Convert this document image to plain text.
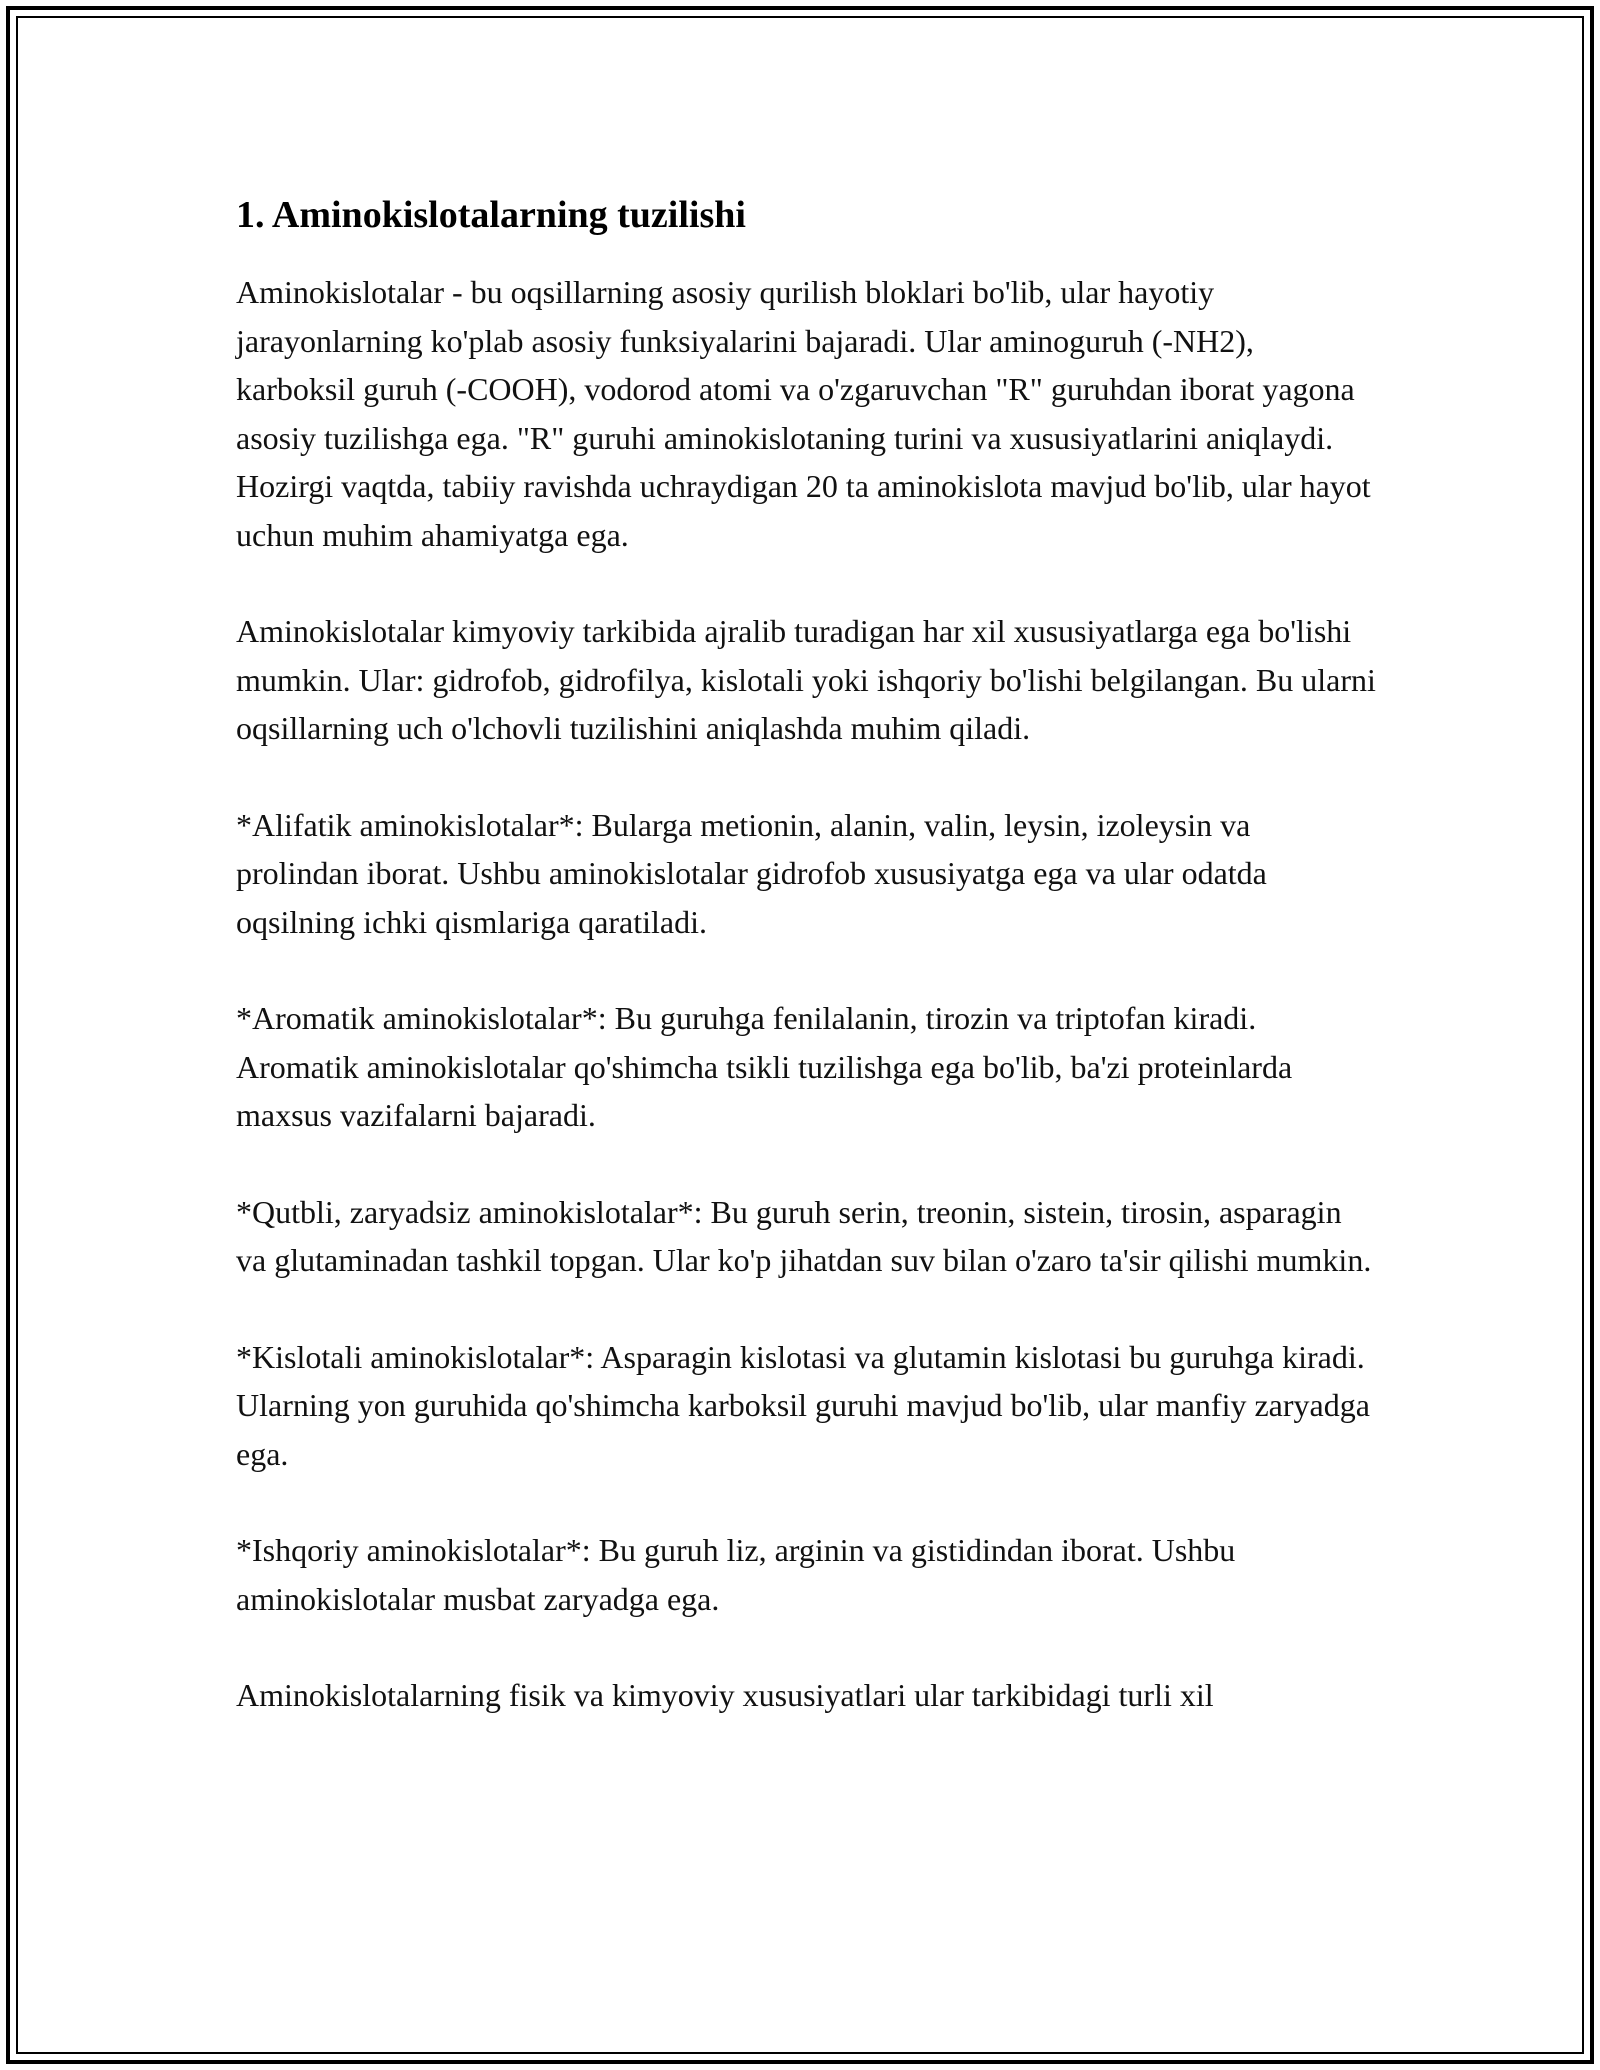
1. Aminokislotalarning tuzilishi

Aminokislotalar - bu oqsillarning asosiy qurilish bloklari bo'lib, ular hayotiy jarayonlarning ko'plab asosiy funksiyalarini bajaradi. Ular aminoguruh (-NH2), karboksil guruh (-COOH), vodorod atomi va o'zgaruvchan "R" guruhdan iborat yagona asosiy tuzilishga ega. "R" guruhi aminokislotaning turini va xususiyatlarini aniqlaydi. Hozirgi vaqtda, tabiiy ravishda uchraydigan 20 ta aminokislota mavjud bo'lib, ular hayot uchun muhim ahamiyatga ega.

Aminokislotalar kimyoviy tarkibida ajralib turadigan har xil xususiyatlarga ega bo'lishi mumkin. Ular: gidrofob, gidrofilya, kislotali yoki ishqoriy bo'lishi belgilangan. Bu ularni oqsillarning uch o'lchovli tuzilishini aniqlashda muhim qiladi.

*Alifatik aminokislotalar*: Bularga metionin, alanin, valin, leysin, izoleysin va prolindan iborat. Ushbu aminokislotalar gidrofob xususiyatga ega va ular odatda oqsilning ichki qismlariga qaratiladi.

*Aromatik aminokislotalar*: Bu guruhga fenilalanin, tirozin va triptofan kiradi. Aromatik aminokislotalar qo'shimcha tsikli tuzilishga ega bo'lib, ba'zi proteinlarda maxsus vazifalarni bajaradi.

*Qutbli, zaryadsiz aminokislotalar*: Bu guruh serin, treonin, sistein, tirosin, asparagin va glutaminadan tashkil topgan. Ular ko'p jihatdan suv bilan o'zaro ta'sir qilishi mumkin.

*Kislotali aminokislotalar*: Asparagin kislotasi va glutamin kislotasi bu guruhga kiradi. Ularning yon guruhida qo'shimcha karboksil guruhi mavjud bo'lib, ular manfiy zaryadga ega.

*Ishqoriy aminokislotalar*: Bu guruh liz, arginin va gistidindan iborat. Ushbu aminokislotalar musbat zaryadga ega.

Aminokislotalarning fisik va kimyoviy xususiyatlari ular tarkibidagi turli xil
